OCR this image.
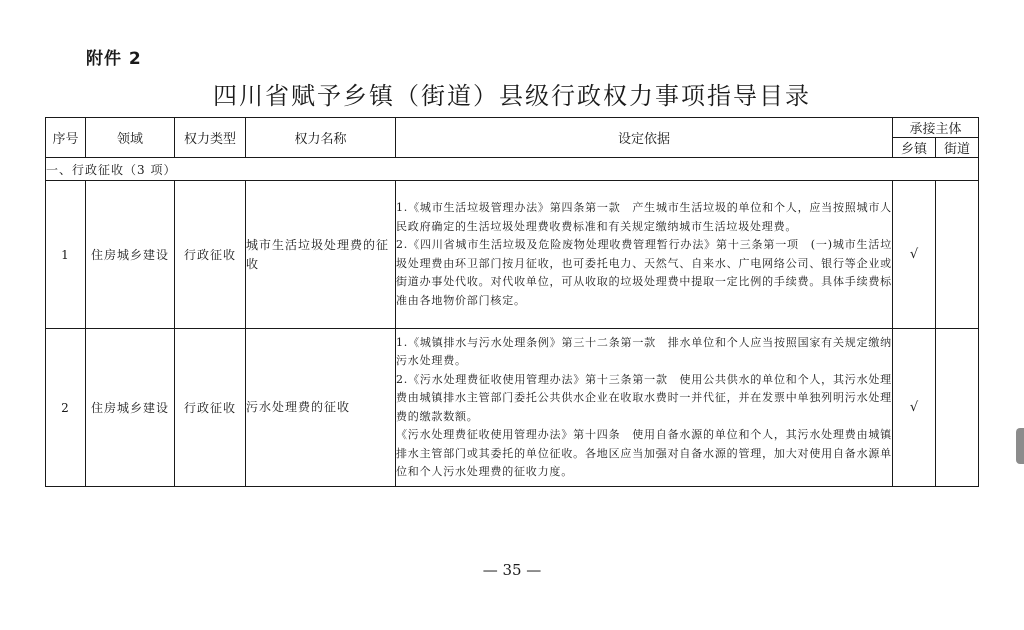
附件 2
四川省赋予乡镇（街道）县级行政权力事项指导目录
序号	领域	权力类型	权力名称	设定依据	承接主体	
					乡镇	街道
一、行政征收（3 项）						
1	住房城乡建设	行政征收	城市生活垃圾处理费的征收	1.《城市生活垃圾管理办法》第四条第一款　产生城市生活垃圾的单位和个人，应当按照城市人民政府确定的生活垃圾处理费收费标准和有关规定缴纳城市生活垃圾处理费。

2.《四川省城市生活垃圾及危险废物处理收费管理暂行办法》第十三条第一项　(一)城市生活垃圾处理费由环卫部门按月征收，也可委托电力、天然气、自来水、广电网络公司、银行等企业或街道办事处代收。对代收单位，可从收取的垃圾处理费中提取一定比例的手续费。具体手续费标准由各地物价部门核定。	√	
2	住房城乡建设	行政征收	污水处理费的征收	1.《城镇排水与污水处理条例》第三十二条第一款　排水单位和个人应当按照国家有关规定缴纳污水处理费。

2.《污水处理费征收使用管理办法》第十三条第一款　使用公共供水的单位和个人，其污水处理费由城镇排水主管部门委托公共供水企业在收取水费时一并代征，并在发票中单独列明污水处理费的缴款数额。

《污水处理费征收使用管理办法》第十四条　使用自备水源的单位和个人，其污水处理费由城镇排水主管部门或其委托的单位征收。各地区应当加强对自备水源的管理，加大对使用自备水源单位和个人污水处理费的征收力度。	√	
— 35 —
